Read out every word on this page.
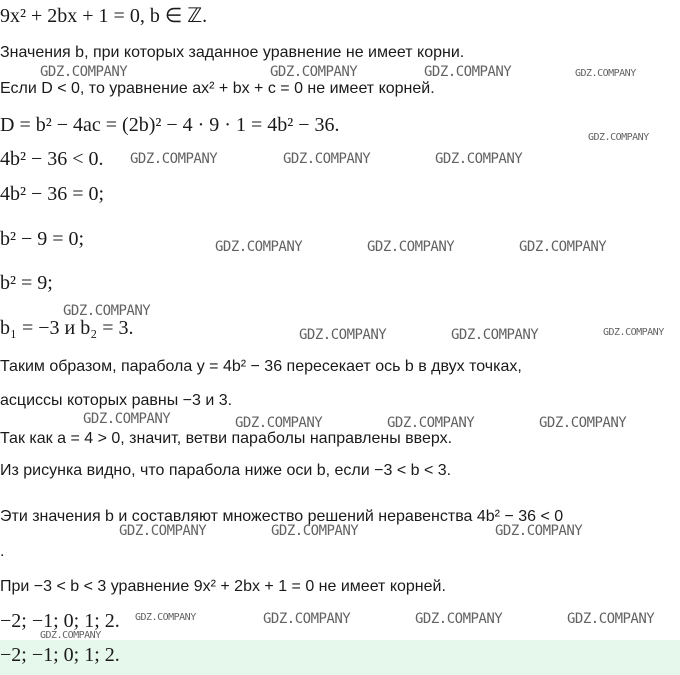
9x² + 2bx + 1 = 0, b ∈ ℤ.
Значения b, при которых заданное уравнение не имеет корни.
Если D < 0, то уравнение ax² + bx + c = 0 не имеет корней.
D = b² − 4ac = (2b)² − 4 · 9 · 1 = 4b² − 36.
4b² − 36 < 0.
4b² − 36 = 0;
b² − 9 = 0;
b² = 9;
b₁ = −3 и b₂ = 3.
Таким образом, парабола y = 4b² − 36 пересекает ось b в двух точках,
асциссы которых равны −3 и 3.
Так как a = 4 > 0, значит, ветви параболы направлены вверх.
Из рисунка видно, что парабола ниже оси b, если −3 < b < 3.
Эти значения b и составляют множество решений неравенства 4b² − 36 < 0
.
При −3 < b < 3 уравнение 9x² + 2bx + 1 = 0 не имеет корней.
−2; −1; 0; 1; 2.
−2; −1; 0; 1; 2.
GDZ.COMPANY	GDZ.COMPANY	GDZ.COMPANY	GDZ.COMPANY
GDZ.COMPANY
GDZ.COMPANY	GDZ.COMPANY	GDZ.COMPANY
GDZ.COMPANY	GDZ.COMPANY	GDZ.COMPANY
GDZ.COMPANY
GDZ.COMPANY	GDZ.COMPANY	GDZ.COMPANY
GDZ.COMPANY	GDZ.COMPANY	GDZ.COMPANY	GDZ.COMPANY
GDZ.COMPANY	GDZ.COMPANY	GDZ.COMPANY
GDZ.COMPANY	GDZ.COMPANY	GDZ.COMPANY	GDZ.COMPANY
GDZ.COMPANY
